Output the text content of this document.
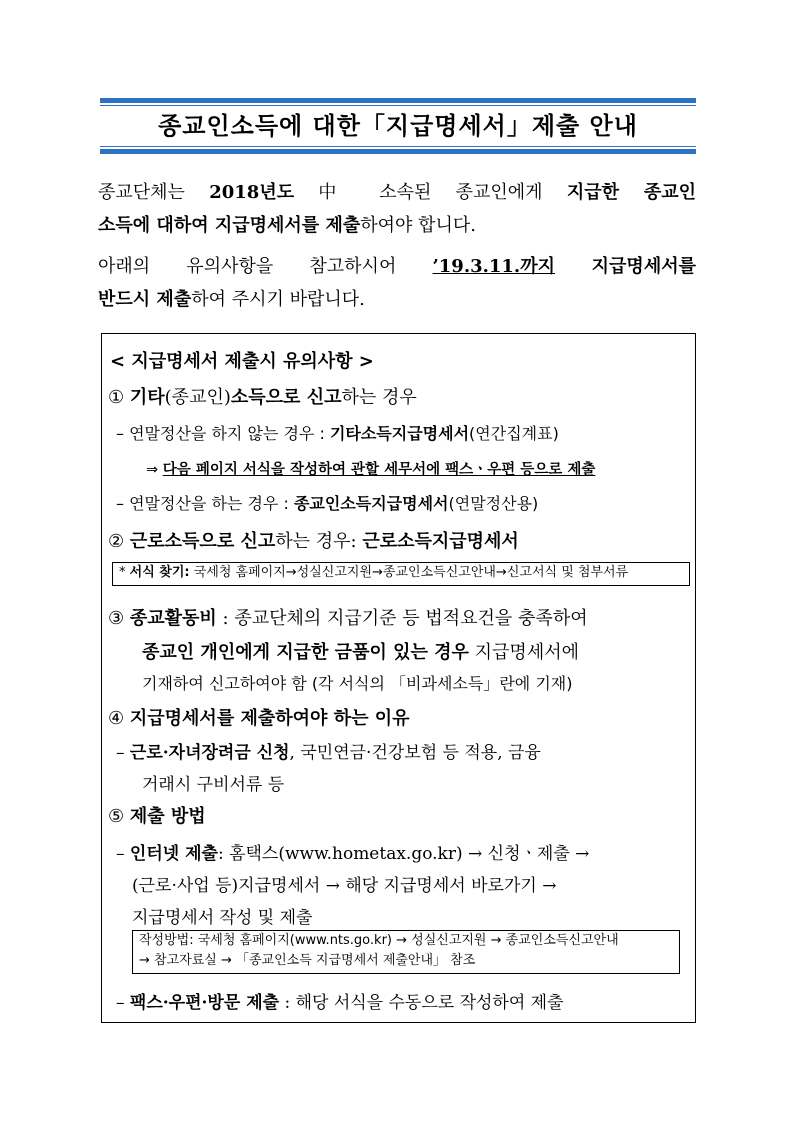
종교인소득에 대한「지급명세서」제출 안내
종교단체는 2018년도 中 소속된 종교인에게 지급한 종교인
소득에 대하여 지급명세서를 제출하여야 합니다.
아래의 유의사항을 참고하시어 ’19.3.11.까지 지급명세서를
반드시 제출하여 주시기 바랍니다.
< 지급명세서 제출시 유의사항 >
① 기타(종교인)소득으로 신고하는 경우
– 연말정산을 하지 않는 경우 : 기타소득지급명세서(연간집계표)
⇒ 다음 페이지 서식을 작성하여 관할 세무서에 팩스ㆍ우편 등으로 제출
– 연말정산을 하는 경우 : 종교인소득지급명세서(연말정산용)
② 근로소득으로 신고하는 경우: 근로소득지급명세서
* 서식 찾기: 국세청 홈페이지→성실신고지원→종교인소득신고안내→신고서식 및 첨부서류
③ 종교활동비 : 종교단체의 지급기준 등 법적요건을 충족하여
종교인 개인에게 지급한 금품이 있는 경우 지급명세서에
기재하여 신고하여야 함 (각 서식의 「비과세소득」란에 기재)
④ 지급명세서를 제출하여야 하는 이유
– 근로·자녀장려금 신청, 국민연금·건강보험 등 적용, 금융
거래시 구비서류 등
⑤ 제출 방법
– 인터넷 제출: 홈택스(www.hometax.go.kr) → 신청ㆍ제출 →
(근로·사업 등)지급명세서 → 해당 지급명세서 바로가기 →
지급명세서 작성 및 제출
작성방법: 국세청 홈페이지(www.nts.go.kr) → 성실신고지원 → 종교인소득신고안내
→ 참고자료실 → 「종교인소득 지급명세서 제출안내」 참조
– 팩스·우편·방문 제출 : 해당 서식을 수동으로 작성하여 제출
